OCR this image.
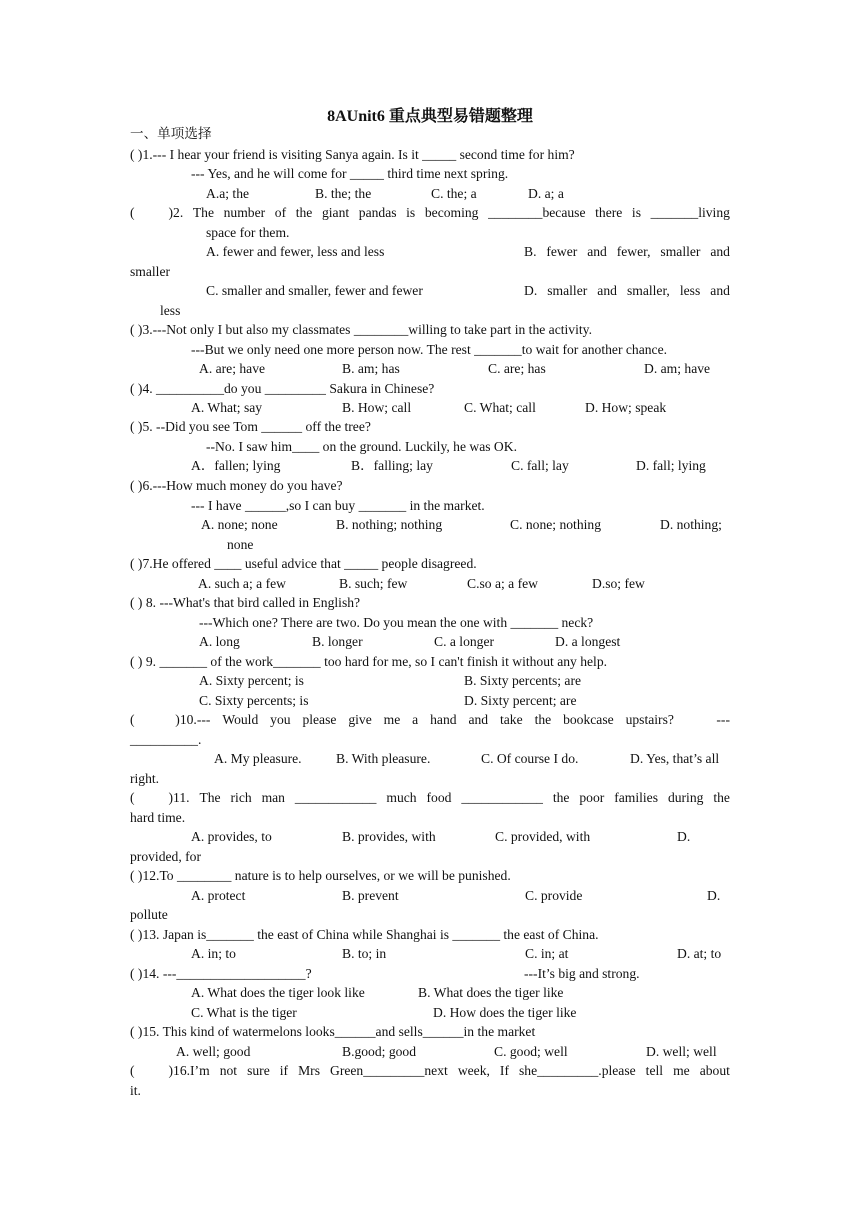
8AUnit6 重点典型易错题整理
一、单项选择
( )1.--- I hear your friend is visiting Sanya again. Is it _____ second time for him?
--- Yes, and he will come for _____ third time next spring.
A.a; the	B. the; the	C. the; a	D. a; a
(          )2. The number of the giant pandas is becoming ________because there is _______living
space for them.
A. fewer and fewer, less and less	B. fewer and fewer, smaller and
smaller
C. smaller and smaller, fewer and fewer	D. smaller and smaller, less and
less
( )3.---Not only I but also my classmates ________willing to take part in the activity.
---But we only need one more person now. The rest _______to wait for another chance.
A. are; have	B. am; has	C. are; has	D. am; have
( )4. __________do you _________ Sakura in Chinese?
A. What; say	B. How; call	C. What; call	D. How; speak
( )5. --Did you see Tom ______ off the tree?
--No. I saw him____ on the ground. Luckily, he was OK.
A．fallen; lying	B．falling; lay	C. fall; lay	D. fall; lying
( )6.---How much money do you have?
--- I have ______,so I can buy _______ in the market.
A. none; none	B. nothing; nothing	C. none; nothing	D. nothing;
none
( )7.He offered ____ useful advice that _____ people disagreed.
A. such a; a few	B. such; few	C.so a; a few	D.so; few
( ) 8. ---What's that bird called in English?
---Which one? There are two. Do you mean the one with _______ neck?
A. long	B. longer	C. a longer	D. a longest
( ) 9. _______ of the work_______ too hard for me, so I can't finish it without any help.
A. Sixty percent; is	B. Sixty percents; are
C. Sixty percents; is	D. Sixty percent; are
(            )10.--- Would you please give me a hand and take the bookcase upstairs? ---
__________.
A. My pleasure.	B. With pleasure.	C. Of course I do.	D. Yes, that’s all
right.
(          )11. The rich man ____________ much food ____________ the poor families during the
hard time.
A. provides, to	B. provides, with	C. provided, with	D.
provided, for
( )12.To ________ nature is to help ourselves, or we will be punished.
A. protect	B. prevent	C. provide	D.
pollute
( )13. Japan is_______ the east of China while Shanghai is _______ the east of China.
A. in; to	B. to; in	C. in; at	D. at; to
( )14. ---___________________?	---It’s big and strong.
A. What does the tiger look like	B. What does the tiger like
C. What is the tiger	D. How does the tiger like
( )15. This kind of watermelons looks______and sells______in the market
A. well; good	B.good; good	C. good; well	D. well; well
(          )16.I’m not sure if Mrs Green_________next week, If she_________.please tell me about
it.
